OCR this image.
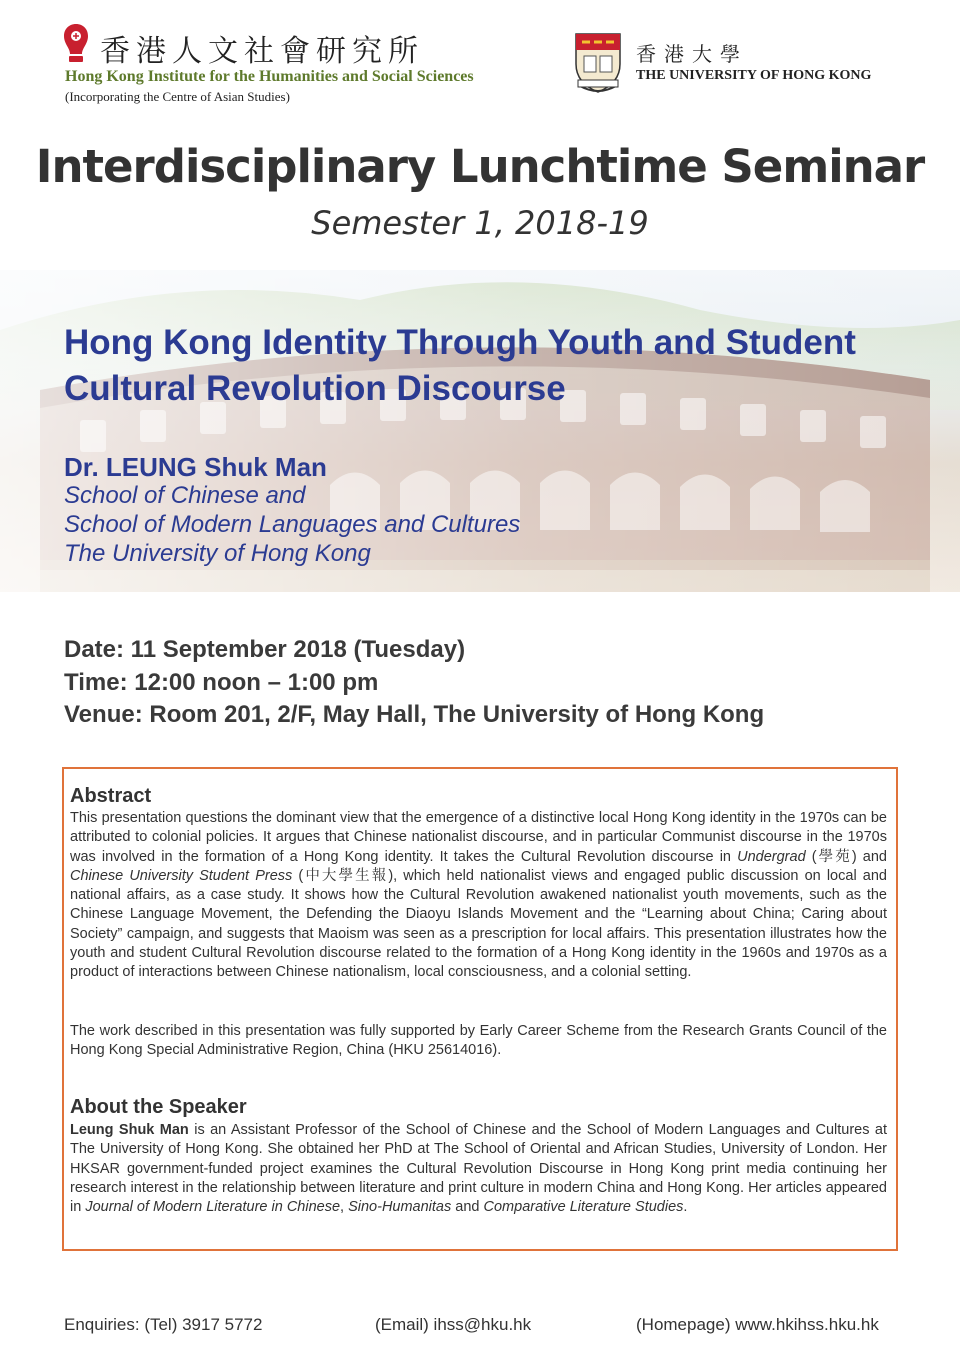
香港人文社會研究所
Hong Kong Institute for the Humanities and Social Sciences
(Incorporating the Centre of Asian Studies)
香港大學
THE UNIVERSITY OF HONG KONG
Interdisciplinary Lunchtime Seminar
Semester 1, 2018-19
Hong Kong Identity Through Youth and Student Cultural Revolution Discourse
Dr. LEUNG Shuk Man
School of Chinese and
School of Modern Languages and Cultures
The University of Hong Kong
Date: 11 September 2018 (Tuesday)
Time: 12:00 noon – 1:00 pm
Venue: Room 201, 2/F, May Hall, The University of Hong Kong
Abstract
This presentation questions the dominant view that the emergence of a distinctive local Hong Kong identity in the 1970s can be attributed to colonial policies. It argues that Chinese nationalist discourse, and in particular Communist discourse in the 1970s was involved in the formation of a Hong Kong identity. It takes the Cultural Revolution discourse in Undergrad (學苑) and Chinese University Student Press (中大學生報), which held nationalist views and engaged public discussion on local and national affairs, as a case study. It shows how the Cultural Revolution awakened nationalist youth movements, such as the Chinese Language Movement, the Defending the Diaoyu Islands Movement and the “Learning about China; Caring about Society” campaign, and suggests that Maoism was seen as a prescription for local affairs. This presentation illustrates how the youth and student Cultural Revolution discourse related to the formation of a Hong Kong identity in the 1960s and 1970s as a product of interactions between Chinese nationalism, local consciousness, and a colonial setting.
The work described in this presentation was fully supported by Early Career Scheme from the Research Grants Council of the Hong Kong Special Administrative Region, China (HKU 25614016).
About the Speaker
Leung Shuk Man is an Assistant Professor of the School of Chinese and the School of Modern Languages and Cultures at The University of Hong Kong. She obtained her PhD at The School of Oriental and African Studies, University of London. Her HKSAR government-funded project examines the Cultural Revolution Discourse in Hong Kong print media continuing her research interest in the relationship between literature and print culture in modern China and Hong Kong. Her articles appeared in Journal of Modern Literature in Chinese, Sino-Humanitas and Comparative Literature Studies.
Enquiries: (Tel) 3917 5772	(Email) ihss@hku.hk	(Homepage) www.hkihss.hku.hk
